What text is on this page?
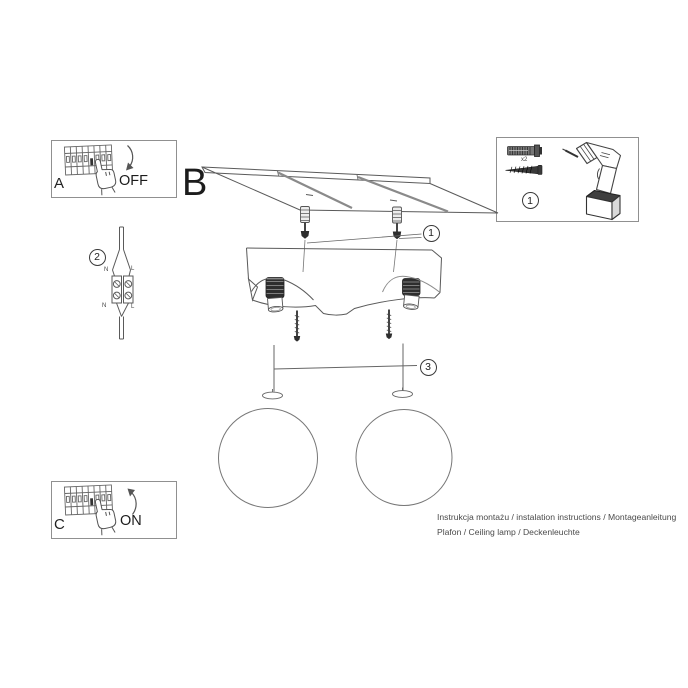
A	OFF B
C	ON
x2
1
1
2
3
N	L
N	L
Instrukcja montażu / instalation instructions / Montageanleitung
Plafon / Ceiling lamp / Deckenleuchte
